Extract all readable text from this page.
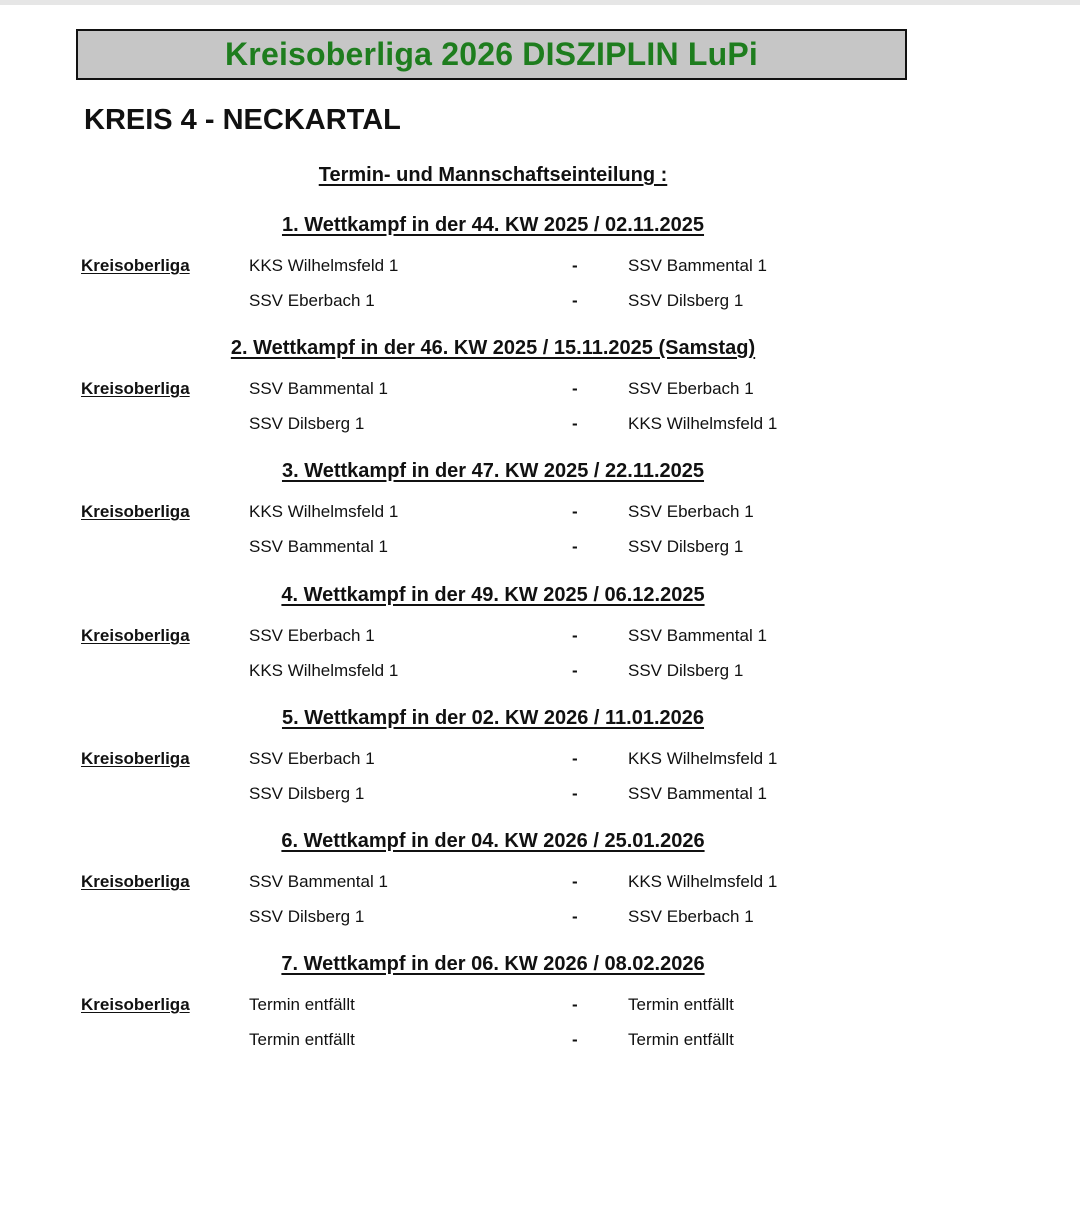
Kreisoberliga 2026 DISZIPLIN LuPi
KREIS 4 - NECKARTAL
Termin- und Mannschaftseinteilung :
1. Wettkampf in der 44. KW 2025 / 02.11.2025
Kreisoberliga	KKS Wilhelmsfeld 1	-	SSV Bammental 1
SSV Eberbach 1	-	SSV Dilsberg 1
2. Wettkampf in der 46. KW 2025 / 15.11.2025 (Samstag)
Kreisoberliga	SSV Bammental 1	-	SSV Eberbach 1
SSV Dilsberg 1	-	KKS Wilhelmsfeld 1
3. Wettkampf in der 47. KW 2025 / 22.11.2025
Kreisoberliga	KKS Wilhelmsfeld 1	-	SSV Eberbach 1
SSV Bammental 1	-	SSV Dilsberg 1
4. Wettkampf in der 49. KW 2025 / 06.12.2025
Kreisoberliga	SSV Eberbach 1	-	SSV Bammental 1
KKS Wilhelmsfeld 1	-	SSV Dilsberg 1
5. Wettkampf in der 02. KW 2026 / 11.01.2026
Kreisoberliga	SSV Eberbach 1	-	KKS Wilhelmsfeld 1
SSV Dilsberg 1	-	SSV Bammental 1
6. Wettkampf in der 04. KW 2026 / 25.01.2026
Kreisoberliga	SSV Bammental 1	-	KKS Wilhelmsfeld 1
SSV Dilsberg 1	-	SSV Eberbach 1
7. Wettkampf in der 06. KW 2026 / 08.02.2026
Kreisoberliga	Termin entfällt	-	Termin entfällt
Termin entfällt	-	Termin entfällt
